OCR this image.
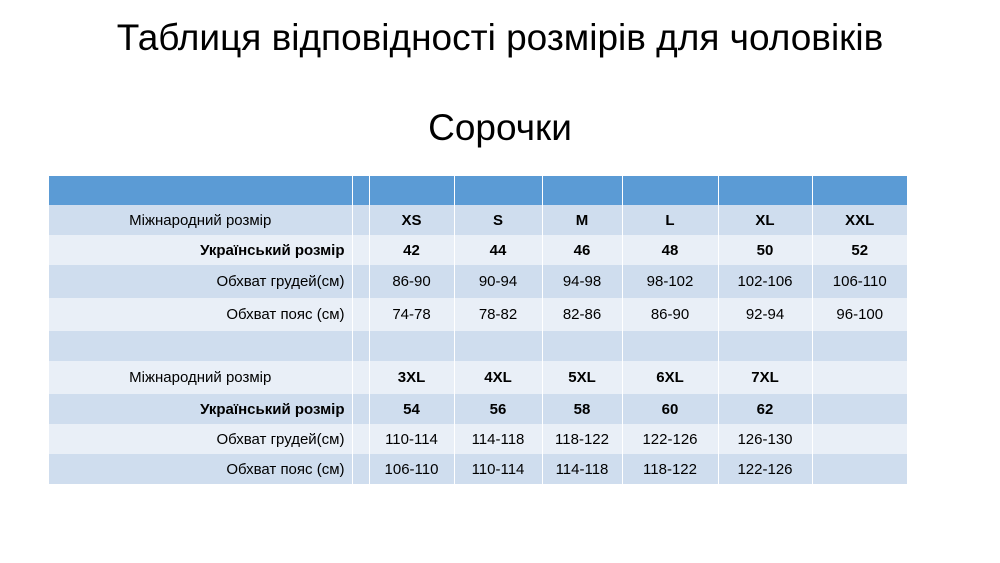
Таблиця відповідності розмірів для чоловіків
Сорочки

Міжнародний розмір		XS	S	M	L	XL	XXL
Український розмір		42	44	46	48	50	52
Обхват грудей(см)		86-90	90-94	94-98	98-102	102-106	106-110
Обхват пояс (см)		74-78	78-82	82-86	86-90	92-94	96-100

Міжнародний розмір		3XL	4XL	5XL	6XL	7XL	
Український розмір		54	56	58	60	62	
Обхват грудей(см)		110-114	114-118	118-122	122-126	126-130	
Обхват пояс (см)		106-110	110-114	114-118	118-122	122-126	
